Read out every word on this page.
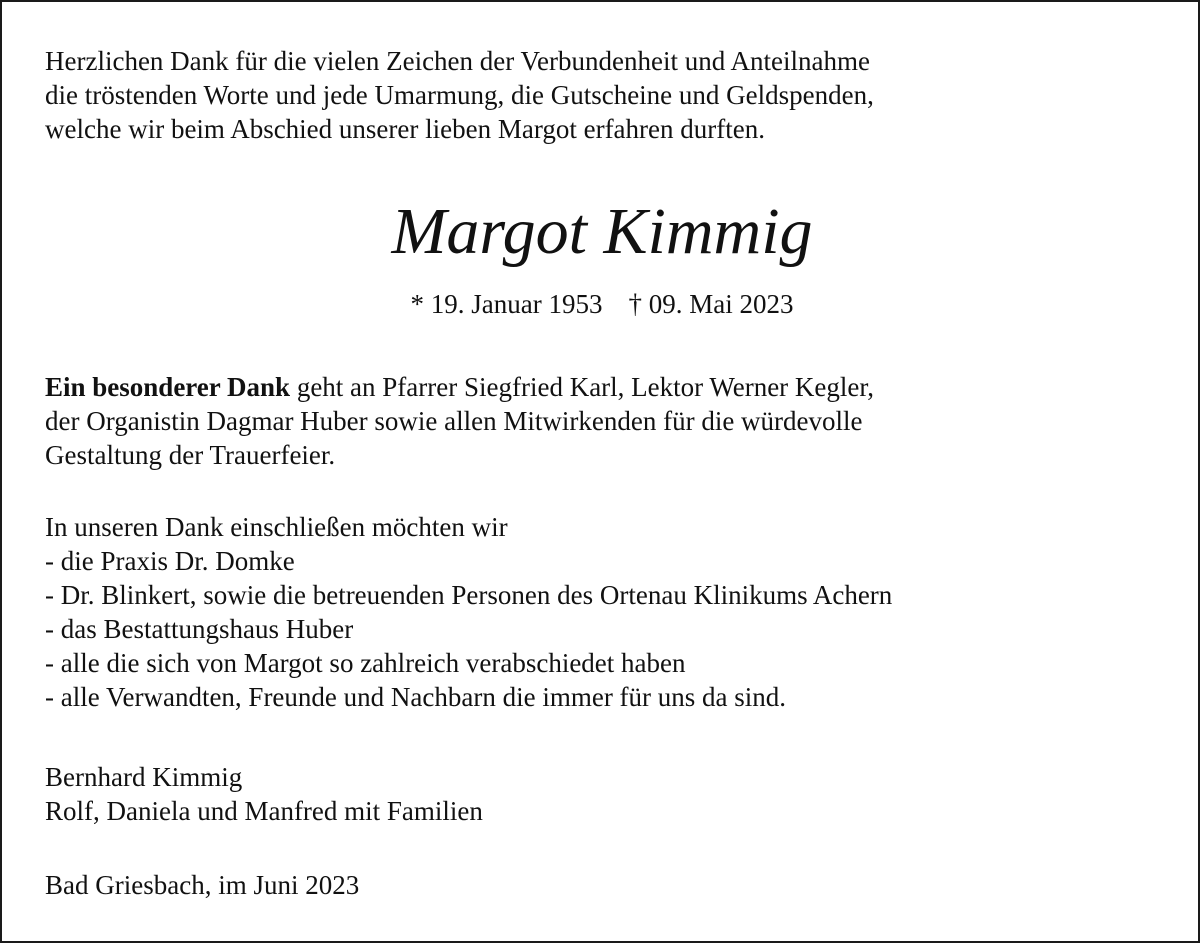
Herzlichen Dank für die vielen Zeichen der Verbundenheit und Anteilnahme
die tröstenden Worte und jede Umarmung, die Gutscheine und Geldspenden,
welche wir beim Abschied unserer lieben Margot erfahren durften.
Margot Kimmig
* 19. Januar 1953 † 09. Mai 2023
Ein besonderer Dank geht an Pfarrer Siegfried Karl, Lektor Werner Kegler,
der Organistin Dagmar Huber sowie allen Mitwirkenden für die würdevolle
Gestaltung der Trauerfeier.
In unseren Dank einschließen möchten wir
- die Praxis Dr. Domke
- Dr. Blinkert, sowie die betreuenden Personen des Ortenau Klinikums Achern
- das Bestattungshaus Huber
- alle die sich von Margot so zahlreich verabschiedet haben
- alle Verwandten, Freunde und Nachbarn die immer für uns da sind.
Bernhard Kimmig
Rolf, Daniela und Manfred mit Familien
Bad Griesbach, im Juni 2023
